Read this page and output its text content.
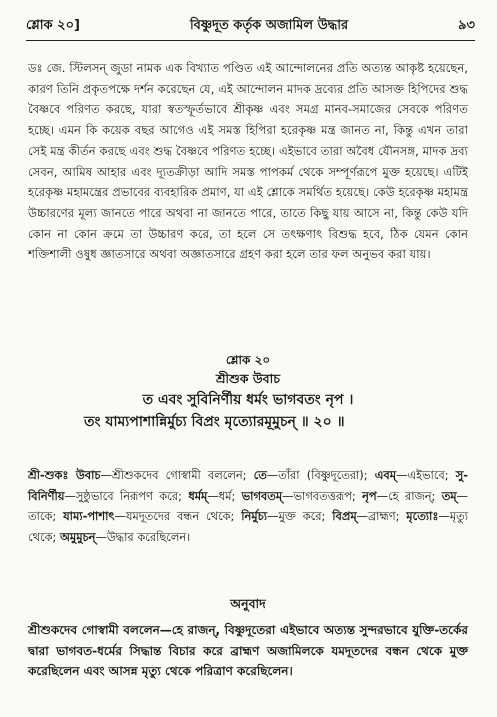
শ্লোক ২০]	বিষ্ণুদূত কর্তৃক অজামিল উদ্ধার	৯৩

ডঃ জে. স্টিলসন্ জুডা নামক এক বিখ্যাত পণ্ডিত এই আন্দোলনের প্রতি অত্যন্ত আকৃষ্ট হয়েছেন, কারণ তিনি প্রকৃতপক্ষে দর্শন করেছেন যে, এই আন্দোলন মাদক দ্রব্যের প্রতি আসক্ত হিপিদের শুদ্ধ বৈষ্ণবে পরিণত করছে, যারা স্বতস্ফূর্তভাবে শ্রীকৃষ্ণ এবং সমগ্র মানব-সমাজের সেবকে পরিণত হচ্ছে। এমন কি কয়েক বছর আগেও এই সমস্ত হিপিরা হরেকৃষ্ণ মন্ত্র জানত না, কিন্তু এখন তারা সেই মন্ত্র কীর্তন করছে এবং শুদ্ধ বৈষ্ণবে পরিণত হচ্ছে। এইভাবে তারা অবৈধ যৌনসঙ্গ, মাদক দ্রব্য সেবন, আমিষ আহার এবং দ্যূতক্রীড়া আদি সমস্ত পাপকর্ম থেকে সম্পূর্ণরূপে মুক্ত হয়েছে। এটিই হরেকৃষ্ণ মহামন্ত্রের প্রভাবের ব্যবহারিক প্রমাণ, যা এই শ্লোকে সমর্থিত হয়েছে। কেউ হরেকৃষ্ণ মহামন্ত্র উচ্চারণের মূল্য জানতে পারে অথবা না জানতে পারে, তাতে কিছু যায় আসে না, কিন্তু কেউ যদি কোন না কোন ক্রমে তা উচ্চারণ করে, তা হলে সে তৎক্ষণাৎ বিশুদ্ধ হবে, ঠিক যেমন কোন শক্তিশালী ওষুধ জ্ঞাতসারে অথবা অজ্ঞাতসারে গ্রহণ করা হলে তার ফল অনুভব করা যায়।

শ্লোক ২০
শ্রীশুক উবাচ
ত এবং সুবিনির্ণীয় ধর্মং ভাগবতং নৃপ ।
তং যাম্যপাশান্নির্মুচ্য বিপ্রং মৃত্যোরমূমুচন্ ॥ ২০ ॥
শ্রী-শুকঃ উবাচ—শ্রীশুকদেব গোস্বামী বললেন; তে—তাঁরা (বিষ্ণুদূতেরা); এবম্—এইভাবে; সু-বিনির্ণীয়—সুষ্ঠুভাবে নিরূপণ করে; ধর্মম্—ধর্ম; ভাগবতম্—ভাগবতত্তরূপ; নৃপ—হে রাজন্; তম্—তাকে; যাম্য-পাশাৎ—যমদূতদের বন্ধন থেকে; নির্মুচ্য—মুক্ত করে; বিপ্রম্—ব্রাহ্মণ; মৃত্যোঃ—মৃত্যু থেকে; অমুমুচন্—উদ্ধার করেছিলেন।
অনুবাদ
শ্রীশুকদেব গোস্বামী বললেন—হে রাজন্, বিষ্ণুদূতেরা এইভাবে অত্যন্ত সুন্দরভাবে যুক্তি-তর্কের দ্বারা ভাগবত-ধর্মের সিদ্ধান্ত বিচার করে ব্রাহ্মণ অজামিলকে যমদূতদের বন্ধন থেকে মুক্ত করেছিলেন এবং আসন্ন মৃত্যু থেকে পরিত্রাণ করেছিলেন।
